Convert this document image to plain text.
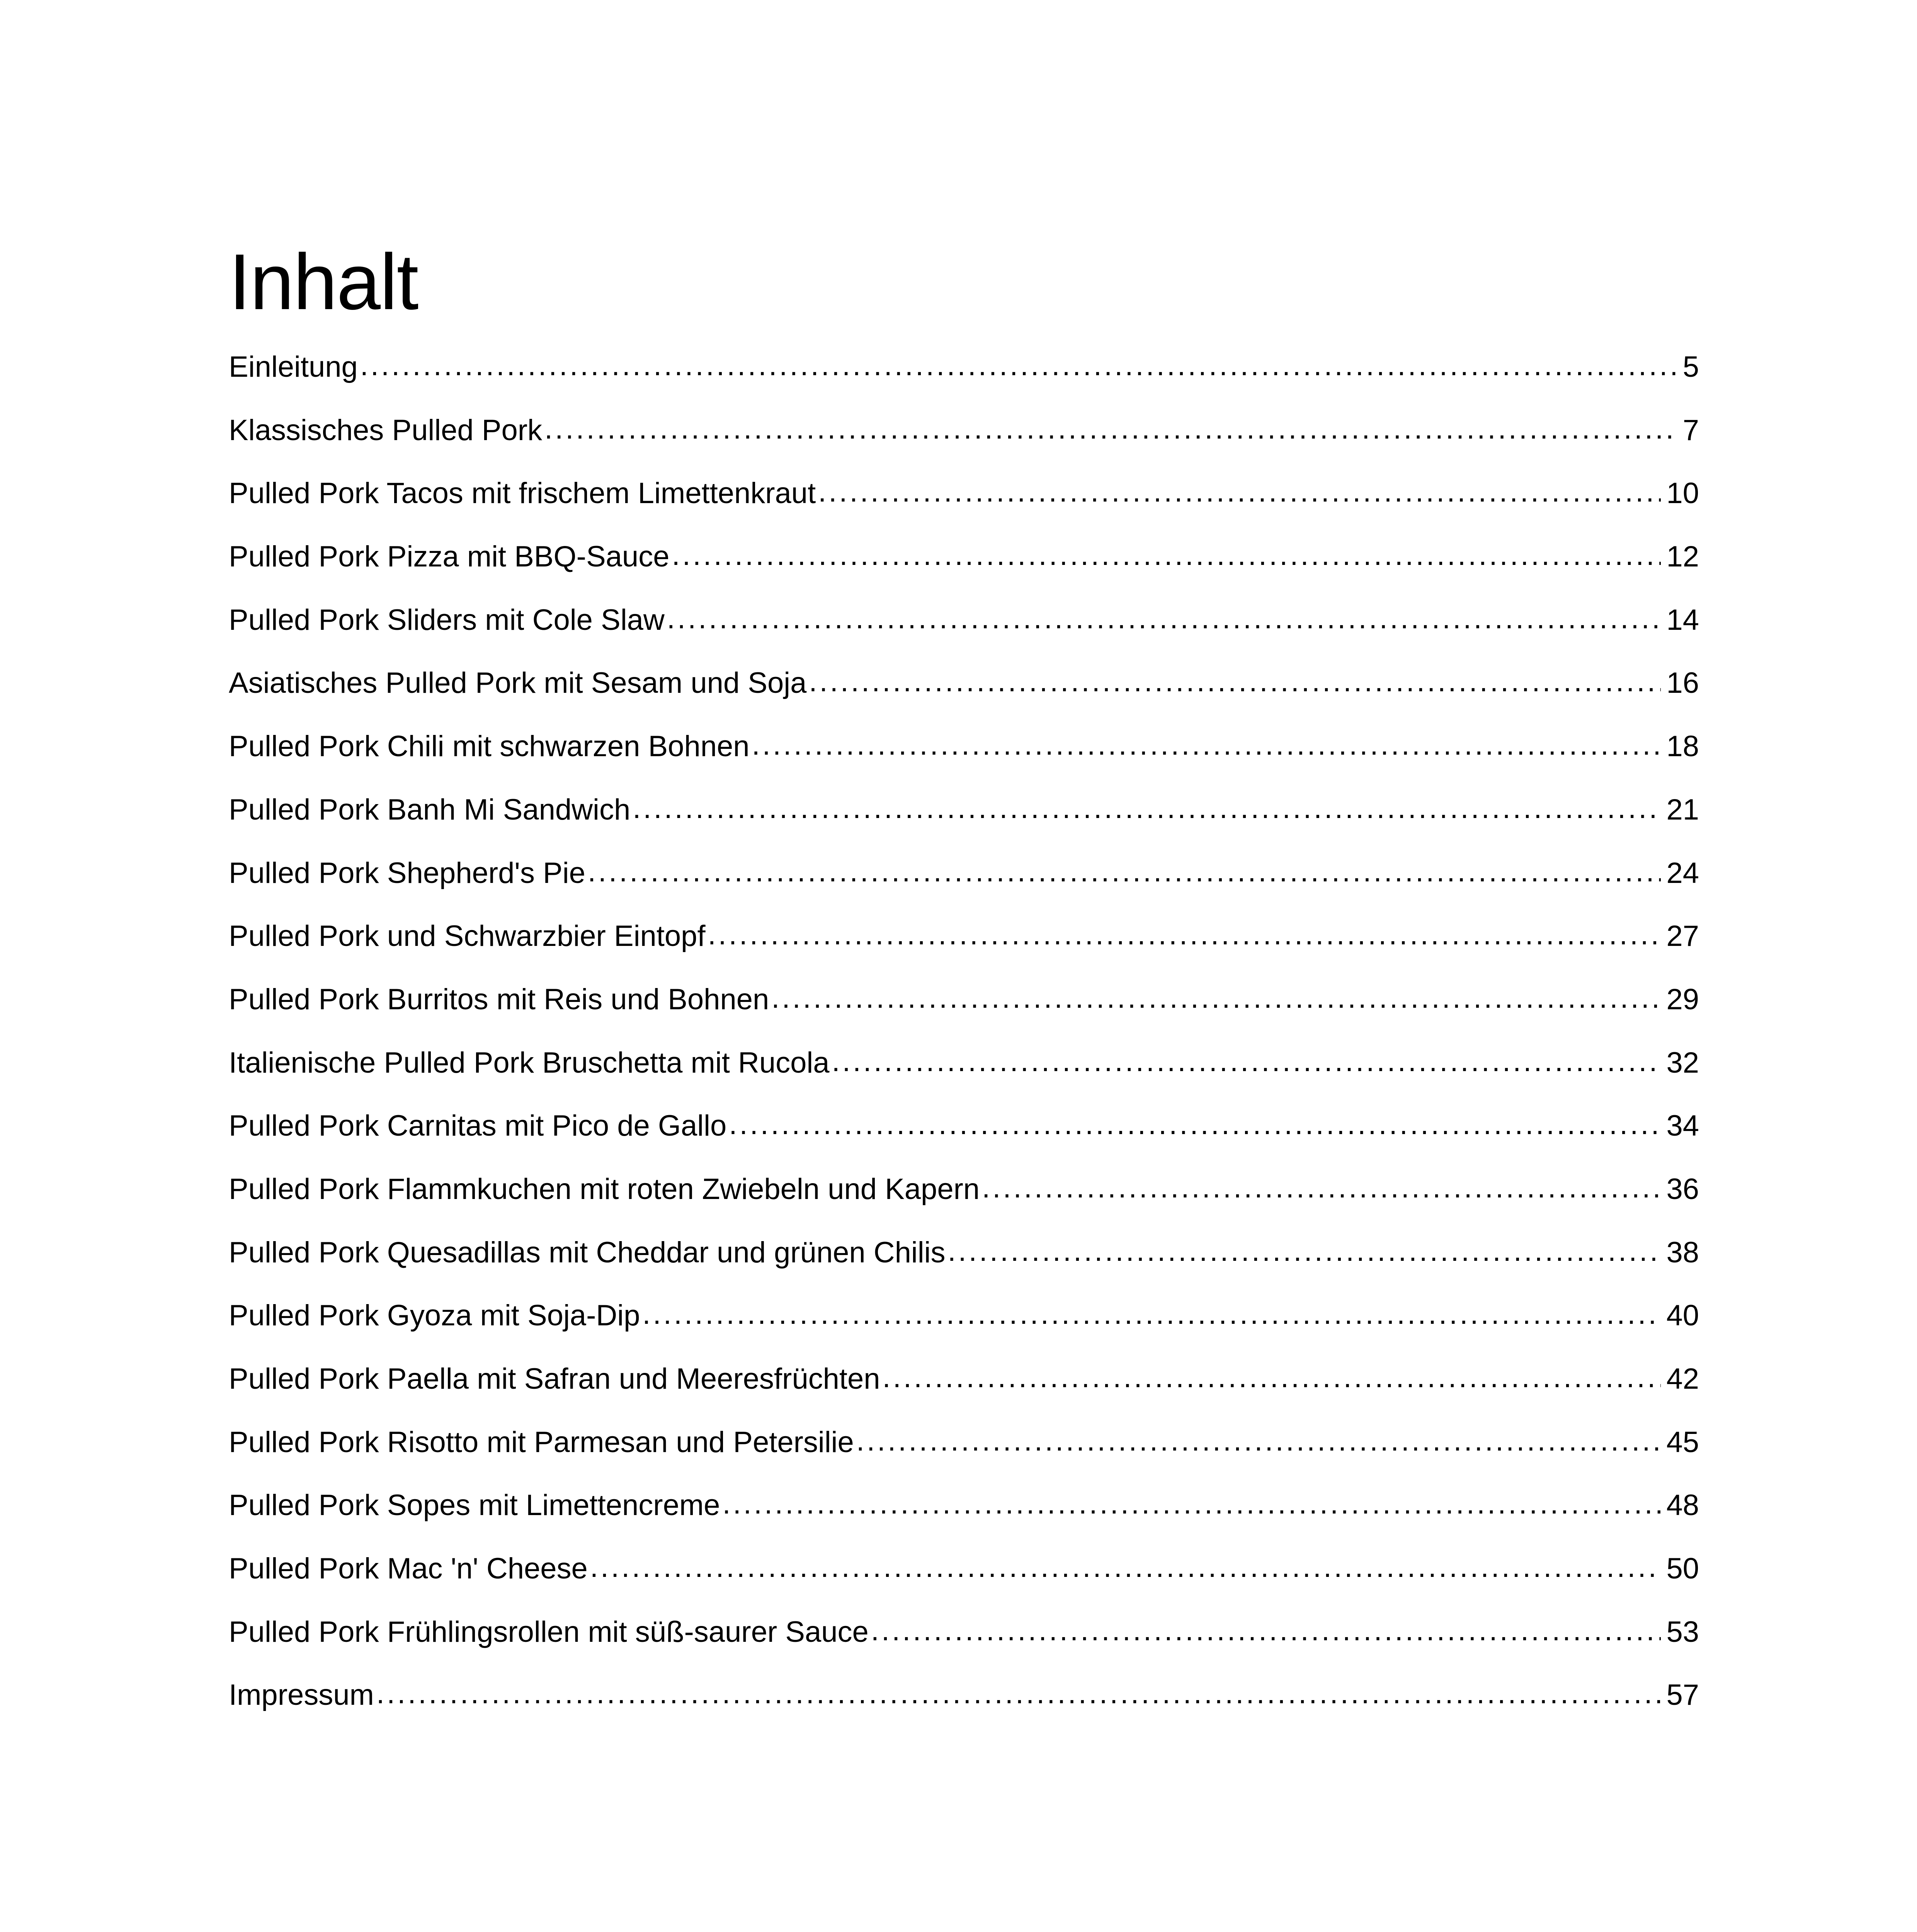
Inhalt
Einleitung .....	5
Klassisches Pulled Pork .....	7
Pulled Pork Tacos mit frischem Limettenkraut .....	10
Pulled Pork Pizza mit BBQ-Sauce .....	12
Pulled Pork Sliders mit Cole Slaw .....	14
Asiatisches Pulled Pork mit Sesam und Soja .....	16
Pulled Pork Chili mit schwarzen Bohnen .....	18
Pulled Pork Banh Mi Sandwich .....	21
Pulled Pork Shepherd's Pie .....	24
Pulled Pork und Schwarzbier Eintopf .....	27
Pulled Pork Burritos mit Reis und Bohnen .....	29
Italienische Pulled Pork Bruschetta mit Rucola .....	32
Pulled Pork Carnitas mit Pico de Gallo .....	34
Pulled Pork Flammkuchen mit roten Zwiebeln und Kapern .....	36
Pulled Pork Quesadillas mit Cheddar und grünen Chilis .....	38
Pulled Pork Gyoza mit Soja-Dip .....	40
Pulled Pork Paella mit Safran und Meeresfrüchten .....	42
Pulled Pork Risotto mit Parmesan und Petersilie .....	45
Pulled Pork Sopes mit Limettencreme .....	48
Pulled Pork Mac 'n' Cheese .....	50
Pulled Pork Frühlingsrollen mit süß-saurer Sauce .....	53
Impressum .....	57
